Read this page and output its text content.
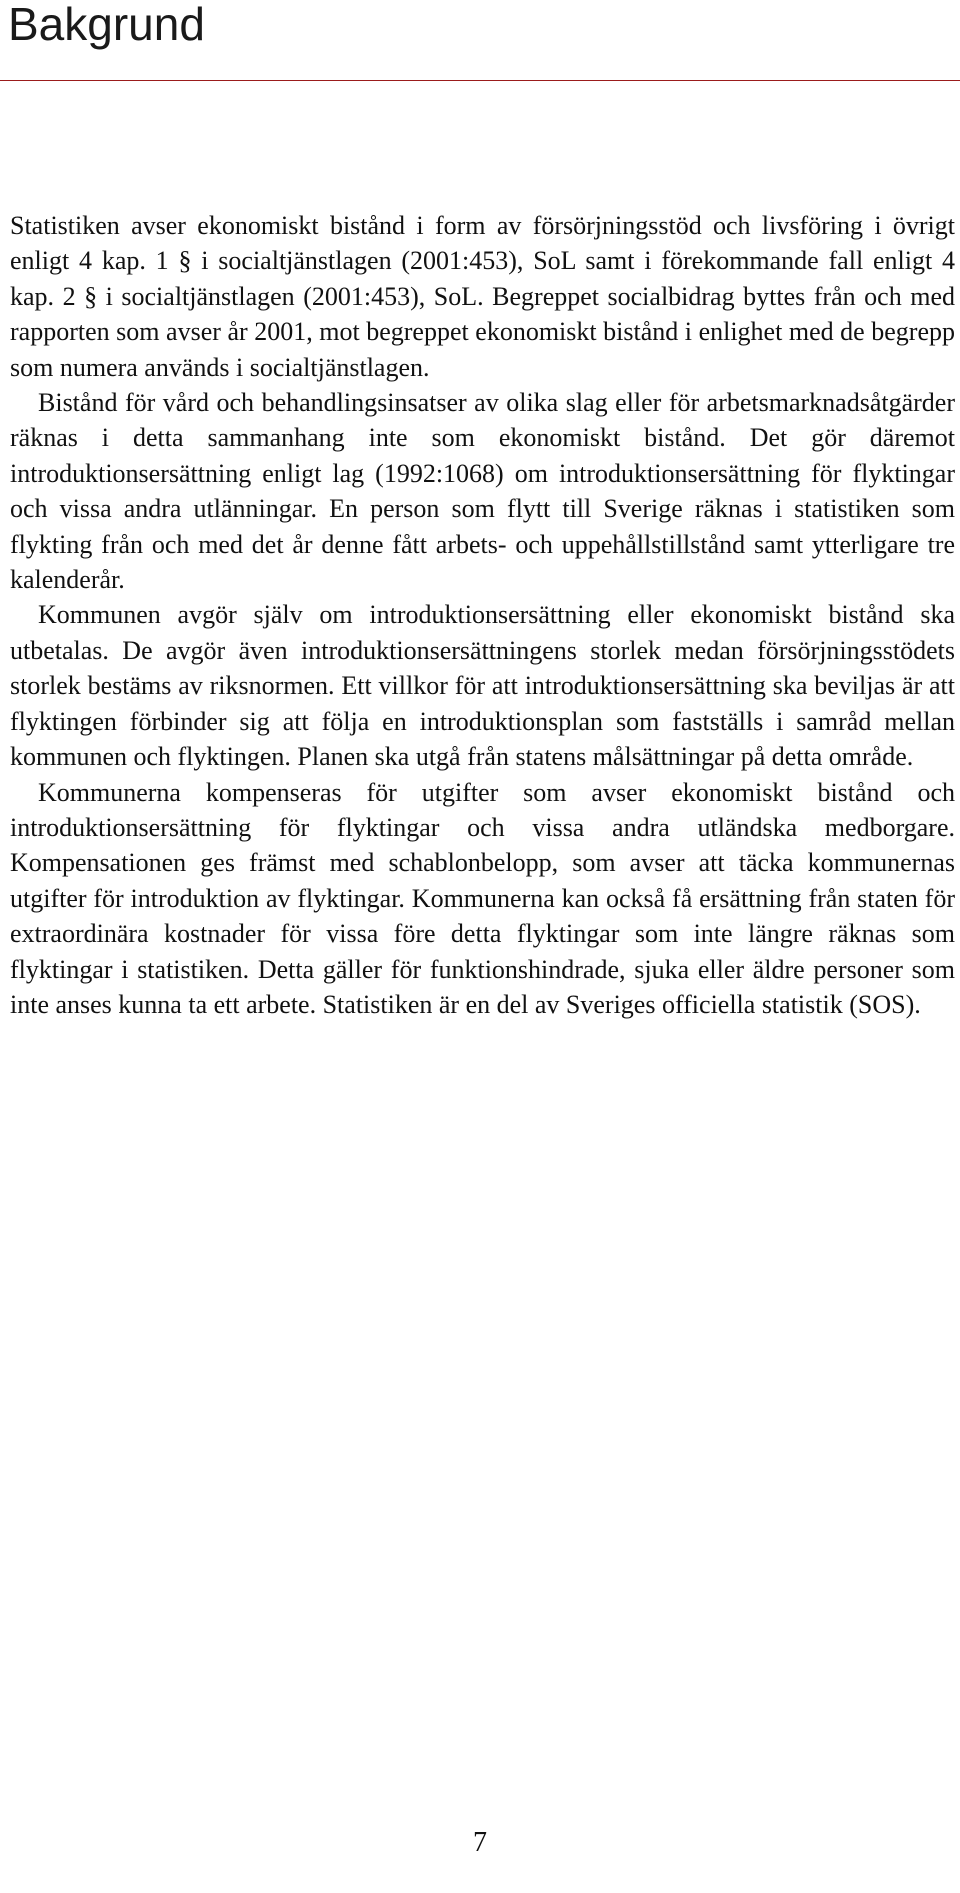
Bakgrund

Statistiken avser ekonomiskt bistånd i form av försörjningsstöd och livsföring i övrigt enligt 4 kap. 1 § i socialtjänstlagen (2001:453), SoL samt i förekommande fall enligt 4 kap. 2 § i socialtjänstlagen (2001:453), SoL. Begreppet socialbidrag byttes från och med rapporten som avser år 2001, mot begreppet ekonomiskt bistånd i enlighet med de begrepp som numera används i socialtjänstlagen.

Bistånd för vård och behandlingsinsatser av olika slag eller för arbetsmarknadsåtgärder räknas i detta sammanhang inte som ekonomiskt bistånd. Det gör däremot introduktionsersättning enligt lag (1992:1068) om introduktionsersättning för flyktingar och vissa andra utlänningar. En person som flytt till Sverige räknas i statistiken som flykting från och med det år denne fått arbets- och uppehållstillstånd samt ytterligare tre kalenderår.

Kommunen avgör själv om introduktionsersättning eller ekonomiskt bistånd ska utbetalas. De avgör även introduktionsersättningens storlek medan försörjningsstödets storlek bestäms av riksnormen. Ett villkor för att introduktionsersättning ska beviljas är att flyktingen förbinder sig att följa en introduktionsplan som fastställs i samråd mellan kommunen och flyktingen. Planen ska utgå från statens målsättningar på detta område.

Kommunerna kompenseras för utgifter som avser ekonomiskt bistånd och introduktionsersättning för flyktingar och vissa andra utländska medborgare. Kompensationen ges främst med schablonbelopp, som avser att täcka kommunernas utgifter för introduktion av flyktingar. Kommunerna kan också få ersättning från staten för extraordinära kostnader för vissa före detta flyktingar som inte längre räknas som flyktingar i statistiken. Detta gäller för funktionshindrade, sjuka eller äldre personer som inte anses kunna ta ett arbete. Statistiken är en del av Sveriges officiella statistik (SOS).

7
